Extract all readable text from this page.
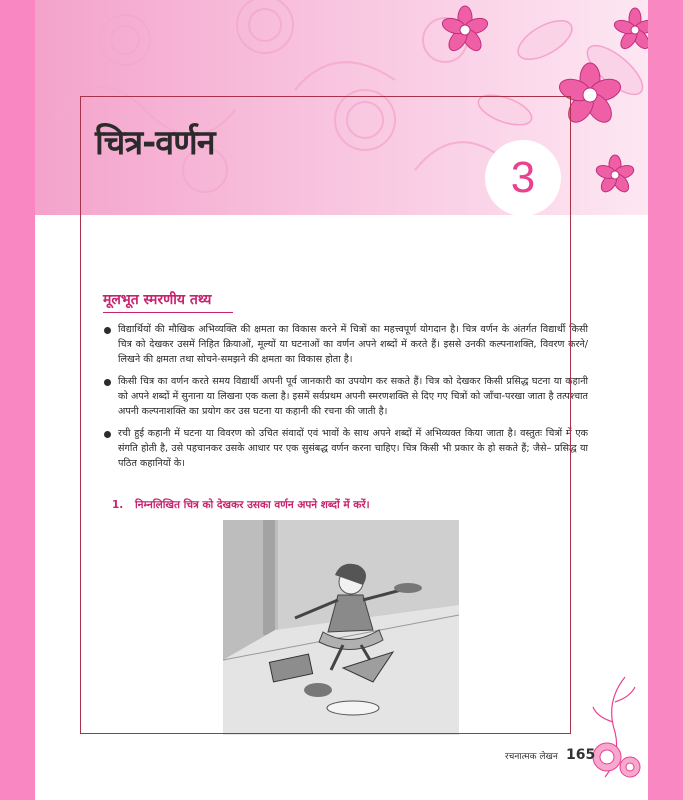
चित्र-वर्णन
3
मूलभूत स्मरणीय तथ्य
विद्यार्थियों की मौखिक अभिव्यक्ति की क्षमता का विकास करने में चित्रों का महत्त्वपूर्ण योगदान है। चित्र वर्णन के अंतर्गत विद्यार्थी किसी चित्र को देखकर उसमें निहित क्रियाओं, मूल्यों या घटनाओं का वर्णन अपने शब्दों में करते हैं। इससे उनकी कल्पनाशक्ति, विवरण करने/लिखने की क्षमता तथा सोचने-समझने की क्षमता का विकास होता है।
किसी चित्र का वर्णन करते समय विद्यार्थी अपनी पूर्व जानकारी का उपयोग कर सकते हैं। चित्र को देखकर किसी प्रसिद्ध घटना या कहानी को अपने शब्दों में सुनाना या लिखना एक कला है। इसमें सर्वप्रथम अपनी स्मरणशक्ति से दिए गए चित्रों को जाँचा-परखा जाता है तत्पश्चात अपनी कल्पनाशक्ति का प्रयोग कर उस घटना या कहानी की रचना की जाती है।
रची हुई कहानी में घटना या विवरण को उचित संवादों एवं भावों के साथ अपने शब्दों में अभिव्यक्त किया जाता है। वस्तुतः चित्रों में एक संगति होती है, उसे पहचानकर उसके आधार पर एक सुसंबद्ध वर्णन करना चाहिए। चित्र किसी भी प्रकार के हो सकते हैं; जैसे– प्रसिद्ध या पठित कहानियों के।
1. निम्नलिखित चित्र को देखकर उसका वर्णन अपने शब्दों में करें।
रचनात्मक लेखन 165
